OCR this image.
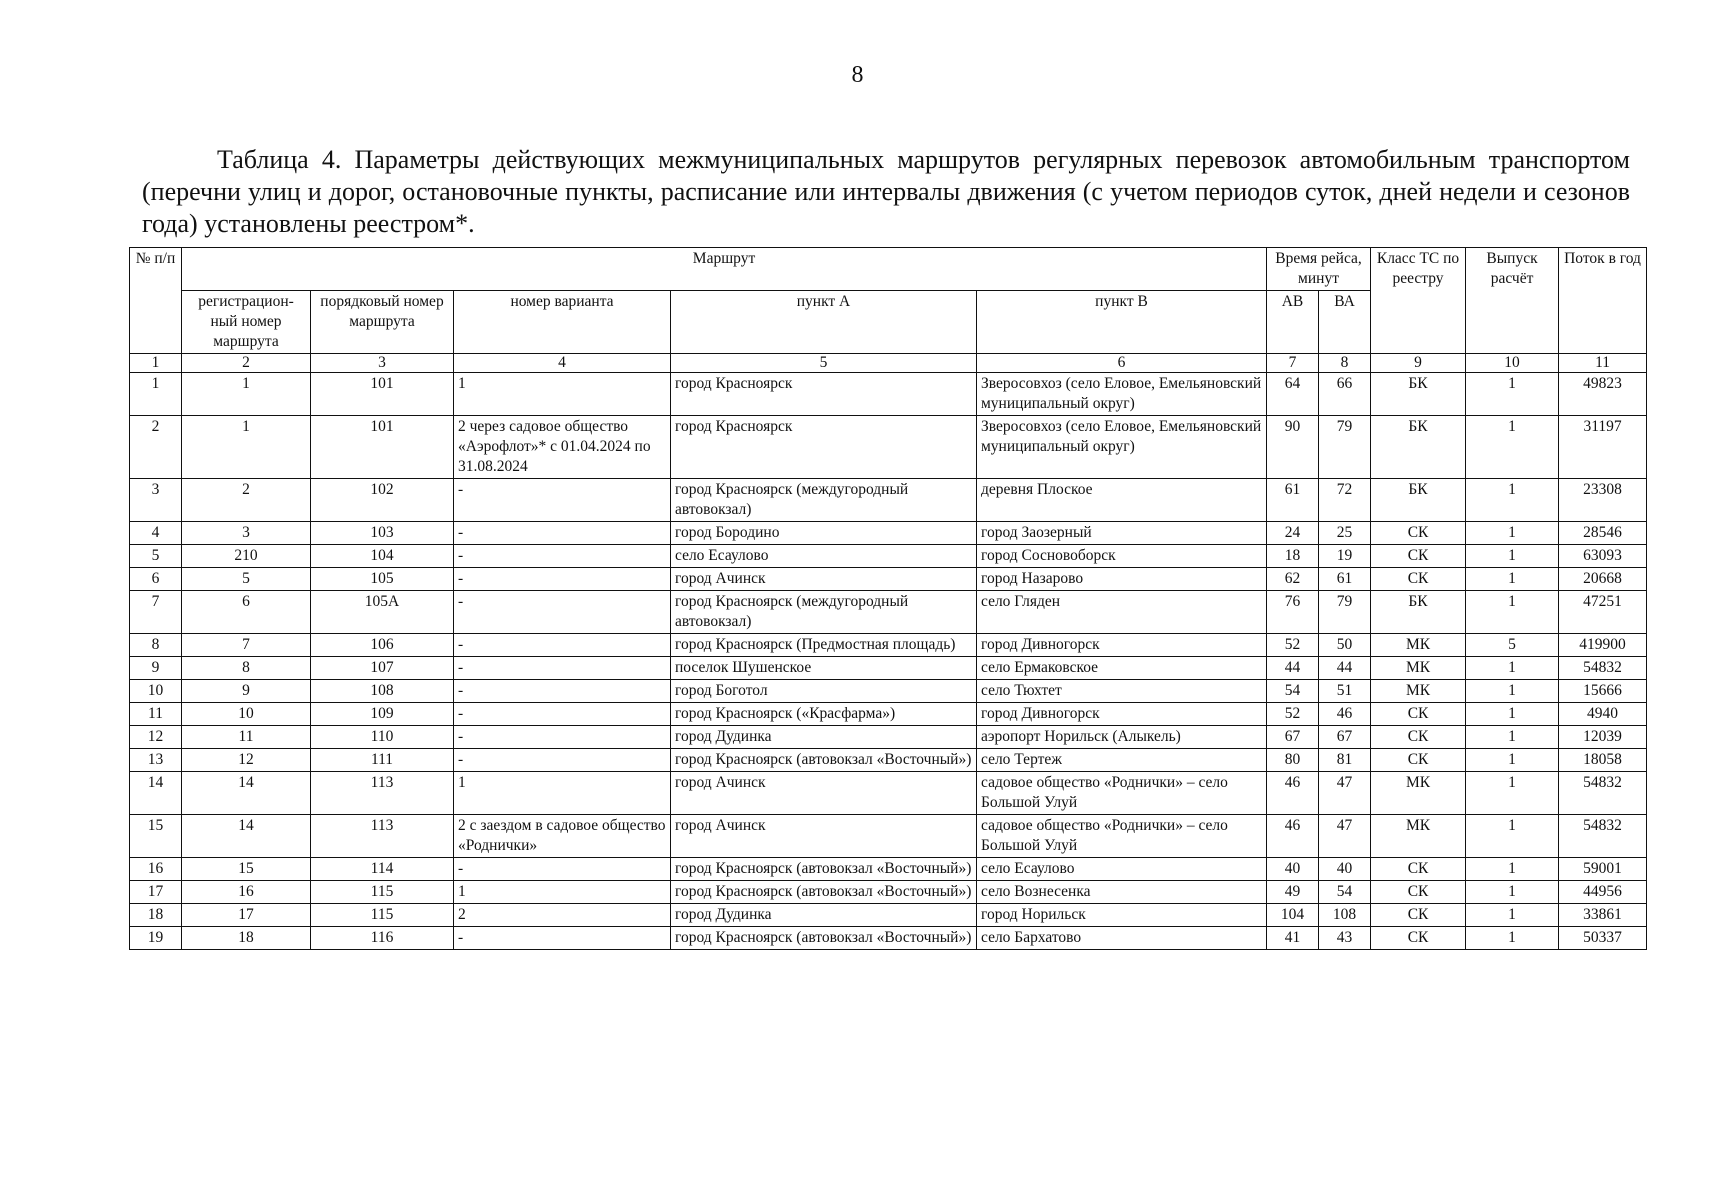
8

Таблица 4. Параметры действующих межмуниципальных маршрутов регулярных перевозок автомобильным транспортом (перечни улиц и дорог, остановочные пункты, расписание или интервалы движения (с учетом периодов суток, дней недели и сезонов года) установлены реестром*.

№ п/п	Маршрут					Время рейса, минут		Класс ТС по реестру	Выпуск расчёт	Поток в год
	регистрацион-ный номер маршрута	порядковый номер маршрута	номер варианта	пункт А	пункт В	АВ	ВА			
1	2	3	4	5	6	7	8	9	10	11
1	1	101	1	город Красноярск	Зверосовхоз (село Еловое, Емельяновский муниципальный округ)	64	66	БК	1	49823
2	1	101	2 через садовое общество «Аэрофлот»* с 01.04.2024 по 31.08.2024	город Красноярск	Зверосовхоз (село Еловое, Емельяновский муниципальный округ)	90	79	БК	1	31197
3	2	102	-	город Красноярск (междугородный автовокзал)	деревня Плоское	61	72	БК	1	23308
4	3	103	-	город Бородино	город Заозерный	24	25	СК	1	28546
5	210	104	-	село Есаулово	город Сосновоборск	18	19	СК	1	63093
6	5	105	-	город Ачинск	город Назарово	62	61	СК	1	20668
7	6	105А	-	город Красноярск (междугородный автовокзал)	село Гляден	76	79	БК	1	47251
8	7	106	-	город Красноярск (Предмостная площадь)	город Дивногорск	52	50	МК	5	419900
9	8	107	-	поселок Шушенское	село Ермаковское	44	44	МК	1	54832
10	9	108	-	город Боготол	село Тюхтет	54	51	МК	1	15666
11	10	109	-	город Красноярск («Красфарма»)	город Дивногорск	52	46	СК	1	4940
12	11	110	-	город Дудинка	аэропорт Норильск (Алыкель)	67	67	СК	1	12039
13	12	111	-	город Красноярск (автовокзал «Восточный»)	село Тертеж	80	81	СК	1	18058
14	14	113	1	город Ачинск	садовое общество «Роднички» – село Большой Улуй	46	47	МК	1	54832
15	14	113	2 с заездом в садовое общество «Роднички»	город Ачинск	садовое общество «Роднички» – село Большой Улуй	46	47	МК	1	54832
16	15	114	-	город Красноярск (автовокзал «Восточный»)	село Есаулово	40	40	СК	1	59001
17	16	115	1	город Красноярск (автовокзал «Восточный»)	село Вознесенка	49	54	СК	1	44956
18	17	115	2	город Дудинка	город Норильск	104	108	СК	1	33861
19	18	116	-	город Красноярск (автовокзал «Восточный»)	село Бархатово	41	43	СК	1	50337
